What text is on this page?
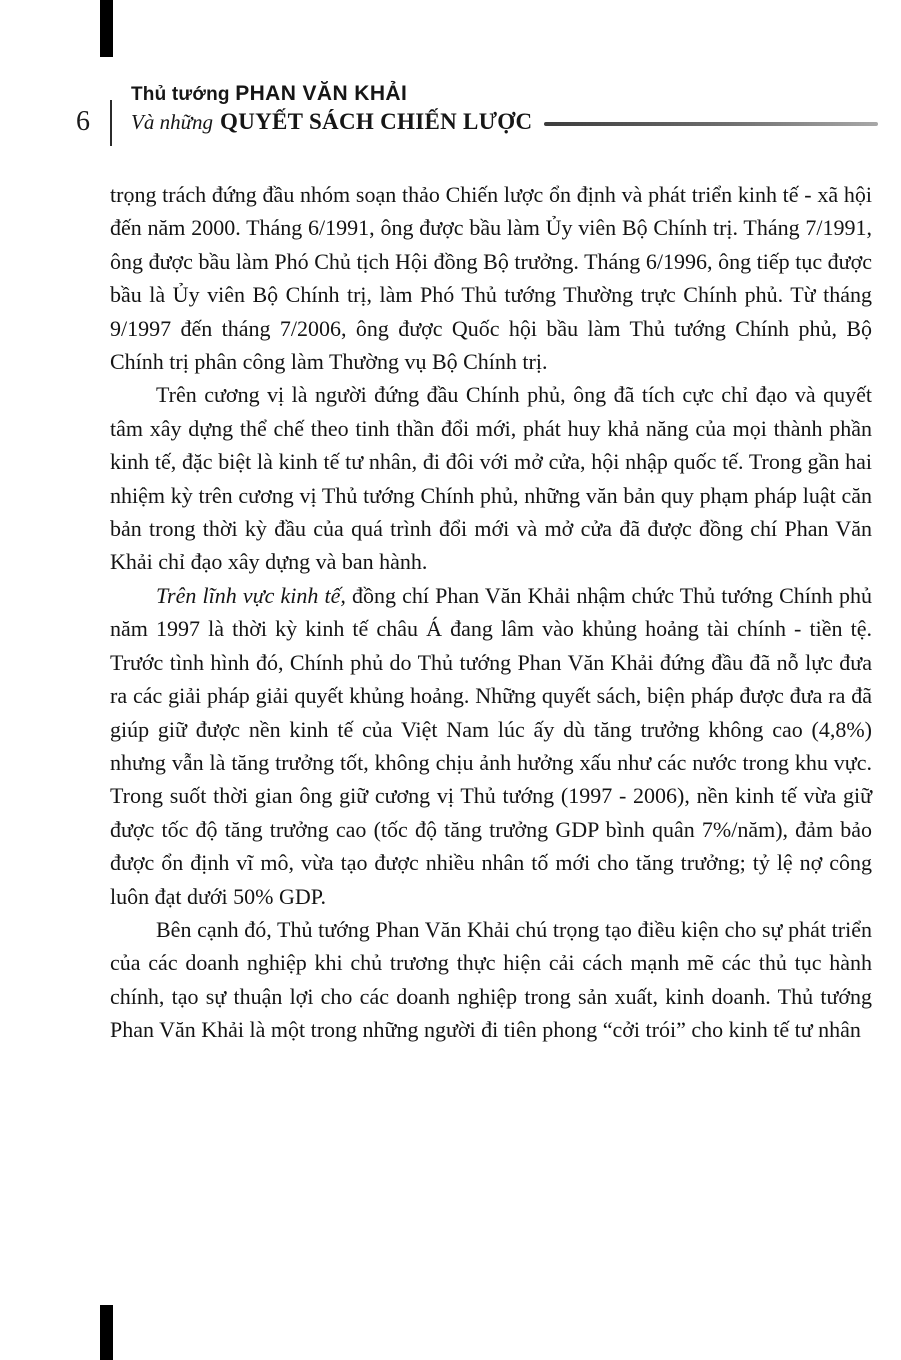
6
Thủ tướng PHAN VĂN KHẢI
Và những QUYẾT SÁCH CHIẾN LƯỢC

trọng trách đứng đầu nhóm soạn thảo Chiến lược ổn định và phát triển kinh tế - xã hội đến năm 2000. Tháng 6/1991, ông được bầu làm Ủy viên Bộ Chính trị. Tháng 7/1991, ông được bầu làm Phó Chủ tịch Hội đồng Bộ trưởng. Tháng 6/1996, ông tiếp tục được bầu là Ủy viên Bộ Chính trị, làm Phó Thủ tướng Thường trực Chính phủ. Từ tháng 9/1997 đến tháng 7/2006, ông được Quốc hội bầu làm Thủ tướng Chính phủ, Bộ Chính trị phân công làm Thường vụ Bộ Chính trị.

Trên cương vị là người đứng đầu Chính phủ, ông đã tích cực chỉ đạo và quyết tâm xây dựng thể chế theo tinh thần đổi mới, phát huy khả năng của mọi thành phần kinh tế, đặc biệt là kinh tế tư nhân, đi đôi với mở cửa, hội nhập quốc tế. Trong gần hai nhiệm kỳ trên cương vị Thủ tướng Chính phủ, những văn bản quy phạm pháp luật căn bản trong thời kỳ đầu của quá trình đổi mới và mở cửa đã được đồng chí Phan Văn Khải chỉ đạo xây dựng và ban hành.

Trên lĩnh vực kinh tế, đồng chí Phan Văn Khải nhậm chức Thủ tướng Chính phủ năm 1997 là thời kỳ kinh tế châu Á đang lâm vào khủng hoảng tài chính - tiền tệ. Trước tình hình đó, Chính phủ do Thủ tướng Phan Văn Khải đứng đầu đã nỗ lực đưa ra các giải pháp giải quyết khủng hoảng. Những quyết sách, biện pháp được đưa ra đã giúp giữ được nền kinh tế của Việt Nam lúc ấy dù tăng trưởng không cao (4,8%) nhưng vẫn là tăng trưởng tốt, không chịu ảnh hưởng xấu như các nước trong khu vực. Trong suốt thời gian ông giữ cương vị Thủ tướng (1997 - 2006), nền kinh tế vừa giữ được tốc độ tăng trưởng cao (tốc độ tăng trưởng GDP bình quân 7%/năm), đảm bảo được ổn định vĩ mô, vừa tạo được nhiều nhân tố mới cho tăng trưởng; tỷ lệ nợ công luôn đạt dưới 50% GDP.

Bên cạnh đó, Thủ tướng Phan Văn Khải chú trọng tạo điều kiện cho sự phát triển của các doanh nghiệp khi chủ trương thực hiện cải cách mạnh mẽ các thủ tục hành chính, tạo sự thuận lợi cho các doanh nghiệp trong sản xuất, kinh doanh. Thủ tướng Phan Văn Khải là một trong những người đi tiên phong “cởi trói” cho kinh tế tư nhân
